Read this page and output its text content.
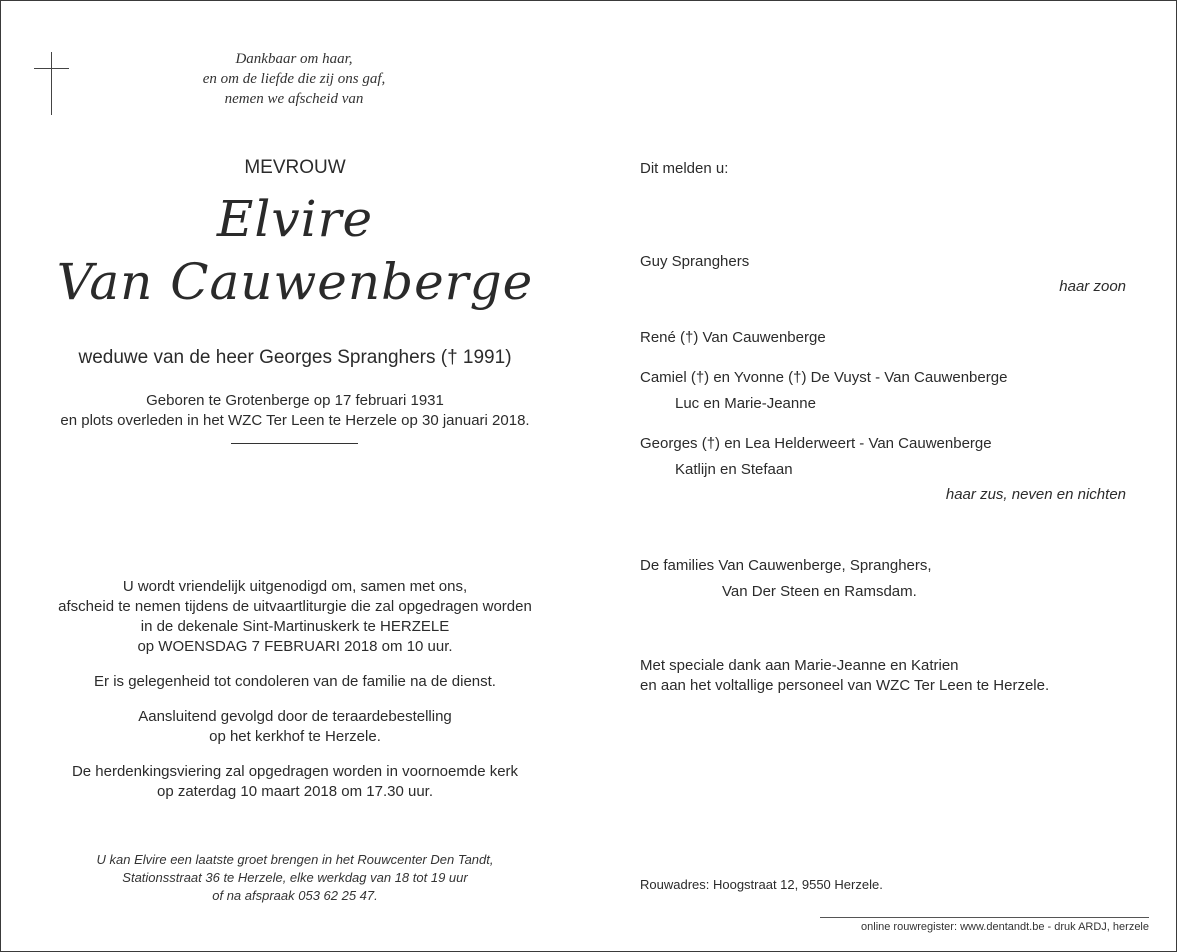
Dankbaar om haar,
en om de liefde die zij ons gaf,
nemen we afscheid van
MEVROUW
Elvire
Van Cauwenberge
weduwe van de heer Georges Spranghers († 1991)
Geboren te Grotenberge op 17 februari 1931
en plots overleden in het WZC Ter Leen te Herzele op 30 januari 2018.
U wordt vriendelijk uitgenodigd om, samen met ons,
afscheid te nemen tijdens de uitvaartliturgie die zal opgedragen worden
in de dekenale Sint-Martinuskerk te HERZELE
op WOENSDAG 7 FEBRUARI 2018 om 10 uur.
Er is gelegenheid tot condoleren van de familie na de dienst.
Aansluitend gevolgd door de teraardebestelling
op het kerkhof te Herzele.
De herdenkingsviering zal opgedragen worden in voornoemde kerk
op zaterdag 10 maart 2018 om 17.30 uur.
U kan Elvire een laatste groet brengen in het Rouwcenter Den Tandt,
Stationsstraat 36 te Herzele, elke werkdag van 18 tot 19 uur
of na afspraak 053 62 25 47.
Dit melden u:
Guy Spranghers
haar zoon
René (†) Van Cauwenberge
Camiel (†) en Yvonne (†) De Vuyst - Van Cauwenberge
Luc en Marie-Jeanne
Georges (†) en Lea Helderweert - Van Cauwenberge
Katlijn en Stefaan
haar zus, neven en nichten
De families Van Cauwenberge, Spranghers,
Van Der Steen en Ramsdam.
Met speciale dank aan Marie-Jeanne en Katrien
en aan het voltallige personeel van WZC Ter Leen te Herzele.
Rouwadres: Hoogstraat 12, 9550 Herzele.
online rouwregister: www.dentandt.be - druk ARDJ, herzele
